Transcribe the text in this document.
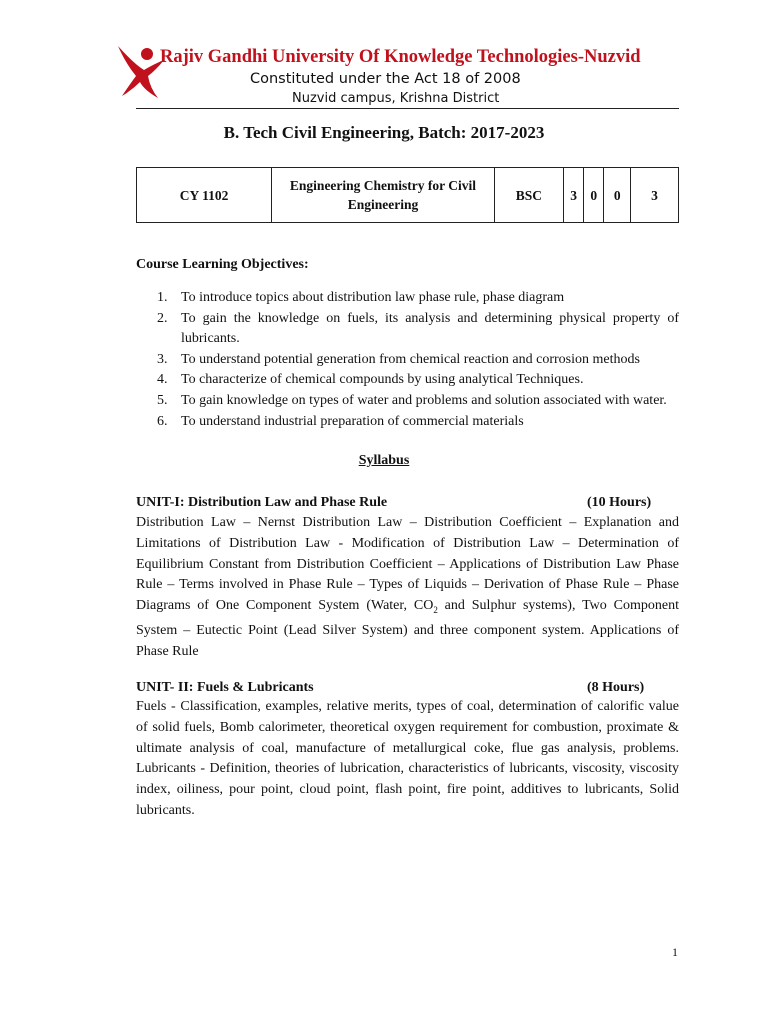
Rajiv Gandhi University Of Knowledge Technologies-Nuzvid
Constituted under the Act 18 of 2008
Nuzvid campus, Krishna District
B. Tech Civil Engineering, Batch: 2017-2023
CY 1102	Engineering Chemistry for Civil Engineering	BSC	3	0	0	3
Course Learning Objectives:
1. To introduce topics about distribution law phase rule, phase diagram
2. To gain the knowledge on fuels, its analysis and determining physical property of lubricants.
3. To understand potential generation from chemical reaction and corrosion methods
4. To characterize of chemical compounds by using analytical Techniques.
5. To gain knowledge on types of water and problems and solution associated with water.
6. To understand industrial preparation of commercial materials
Syllabus
UNIT-I: Distribution Law and Phase Rule	(10 Hours)

Distribution Law – Nernst Distribution Law – Distribution Coefficient – Explanation and Limitations of Distribution Law - Modification of Distribution Law – Determination of Equilibrium Constant from Distribution Coefficient – Applications of Distribution Law Phase Rule – Terms involved in Phase Rule – Types of Liquids – Derivation of Phase Rule – Phase Diagrams of One Component System (Water, $CO_2$ and Sulphur systems), Two Component System – Eutectic Point (Lead Silver System) and three component system. Applications of Phase Rule

UNIT- II: Fuels & Lubricants	(8 Hours)

Fuels - Classification, examples, relative merits, types of coal, determination of calorific value of solid fuels, Bomb calorimeter, theoretical oxygen requirement for combustion, proximate & ultimate analysis of coal, manufacture of metallurgical coke, flue gas analysis, problems. Lubricants - Definition, theories of lubrication, characteristics of lubricants, viscosity, viscosity index, oiliness, pour point, cloud point, flash point, fire point, additives to lubricants, Solid lubricants.

1
